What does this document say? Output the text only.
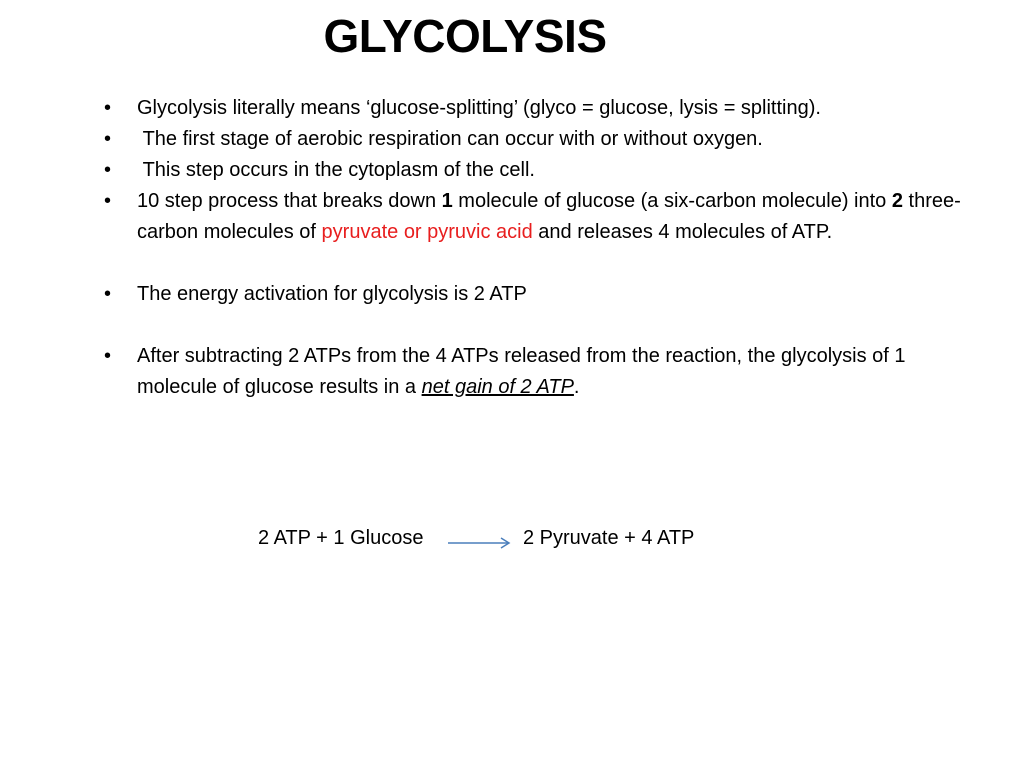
GLYCOLYSIS
• Glycolysis literally means ‘glucose-splitting’ (glyco = glucose, lysis = splitting).
• The first stage of aerobic respiration can occur with or without oxygen.
• This step occurs in the cytoplasm of the cell.
• 10 step process that breaks down 1 molecule of glucose (a six-carbon molecule) into 2 three-carbon molecules of pyruvate or pyruvic acid and releases 4 molecules of ATP.
• The energy activation for glycolysis is 2 ATP
• After subtracting 2 ATPs from the 4 ATPs released from the reaction, the glycolysis of 1 molecule of glucose results in a net gain of 2 ATP.
2 ATP + 1 Glucose	2 Pyruvate + 4 ATP
